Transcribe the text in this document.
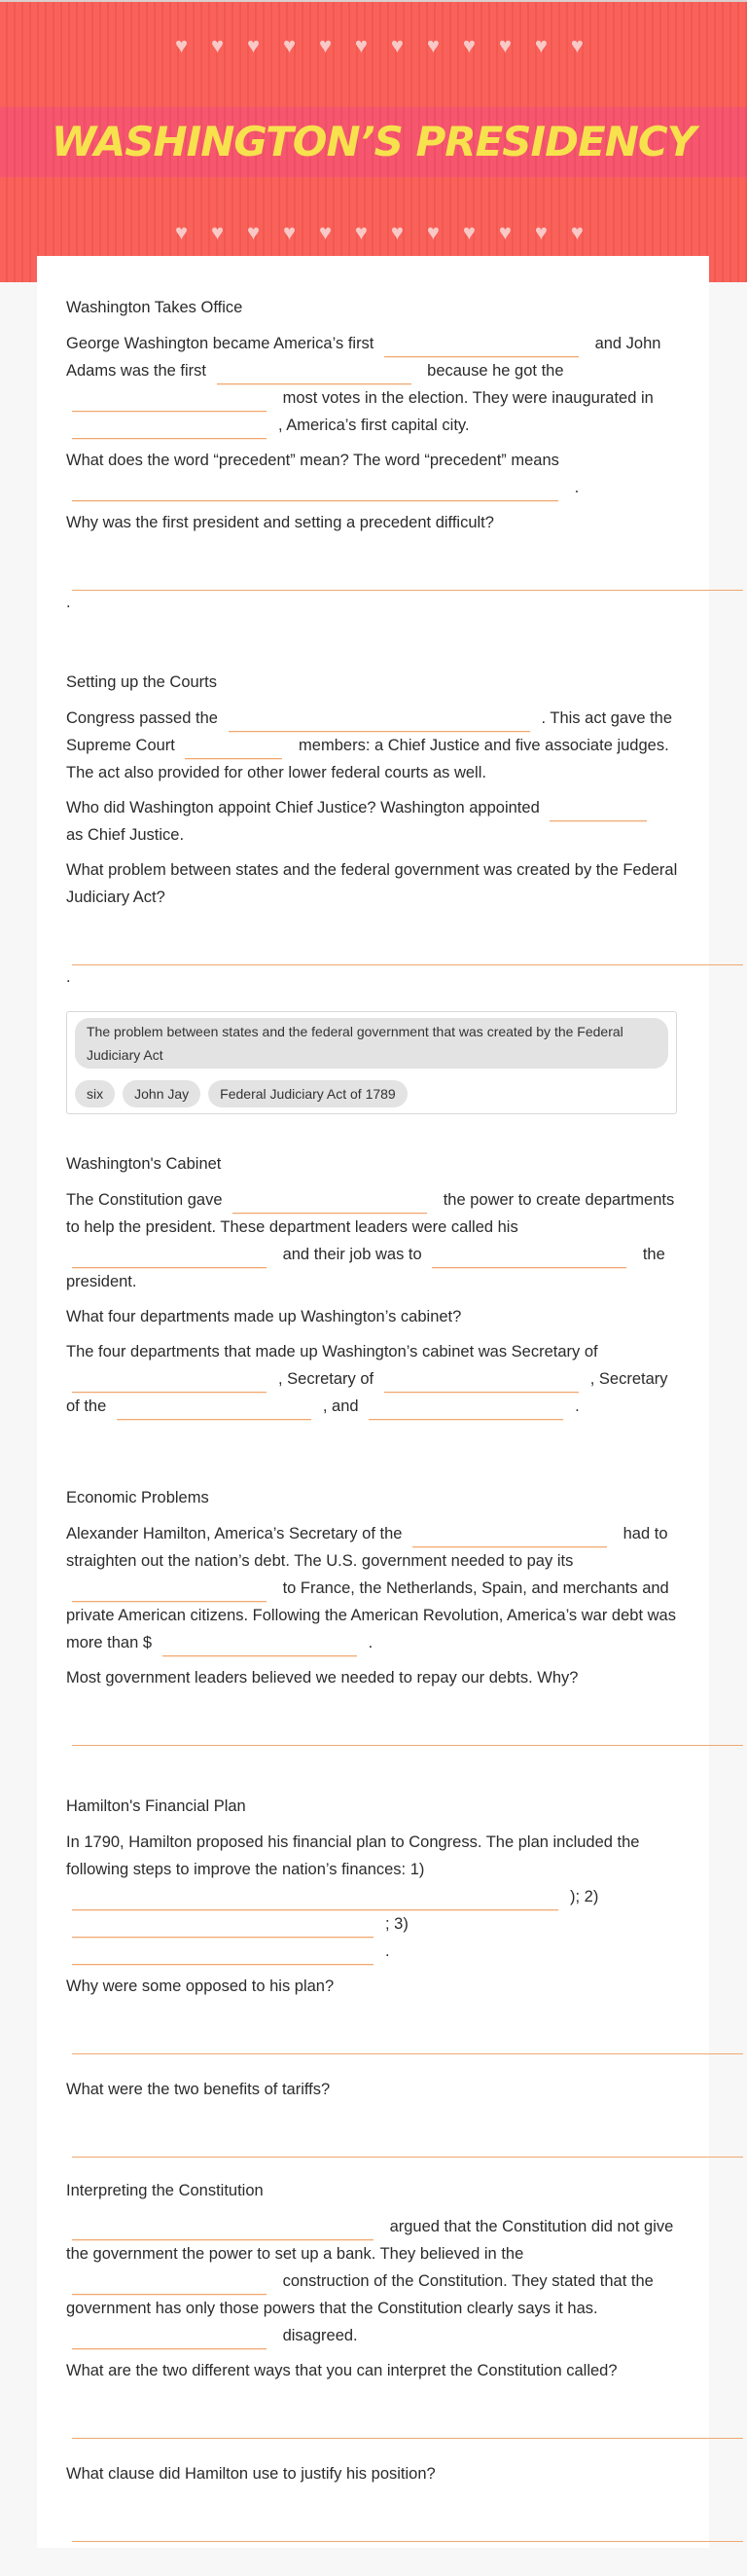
♥ ♥ ♥ ♥ ♥ ♥ ♥ ♥ ♥ ♥ ♥ ♥
WASHINGTON’S PRESIDENCY
♥ ♥ ♥ ♥ ♥ ♥ ♥ ♥ ♥ ♥ ♥ ♥
Washington Takes Office

George Washington became America’s first	and John Adams was the first	because he got the  most votes in the election. They were inaugurated in , America’s first capital city.

What does the word “precedent” mean? The word “precedent” means  .

Why was the first president and setting a precedent difficult?

.
Setting up the Courts

Congress passed the	. This act gave the Supreme Court	members: a Chief Justice and five associate judges. The act also provided for other lower federal courts as well.

Who did Washington appoint Chief Justice? Washington appointed  as Chief Justice.

What problem between states and the federal government was created by the Federal Judiciary Act?

.
The problem between states and the federal government that was created by the Federal Judiciary Act
six	John Jay	Federal Judiciary Act of 1789
Washington's Cabinet

The Constitution gave	the power to create departments to help the president. These department leaders were called his  and their job was to	the president.

What four departments made up Washington’s cabinet?

The four departments that made up Washington’s cabinet was Secretary of , Secretary of	, Secretary of the	, and	.

Economic Problems

Alexander Hamilton, America’s Secretary of the	had to straighten out the nation’s debt. The U.S. government needed to pay its  to France, the Netherlands, Spain, and merchants and private American citizens. Following the American Revolution, America’s war debt was more than $	.

Most government leaders believed we needed to repay our debts. Why?

Hamilton's Financial Plan

In 1790, Hamilton proposed his financial plan to Congress. The plan included the following steps to improve the nation’s finances: 1) ); 2) ; 3) .

Why were some opposed to his plan?

What were the two benefits of tariffs?

Interpreting the Constitution

argued that the Constitution did not give the government the power to set up a bank. They believed in the  construction of the Constitution. They stated that the government has only those powers that the Constitution clearly says it has.  disagreed.

What are the two different ways that you can interpret the Constitution called?

What clause did Hamilton use to justify his position?
